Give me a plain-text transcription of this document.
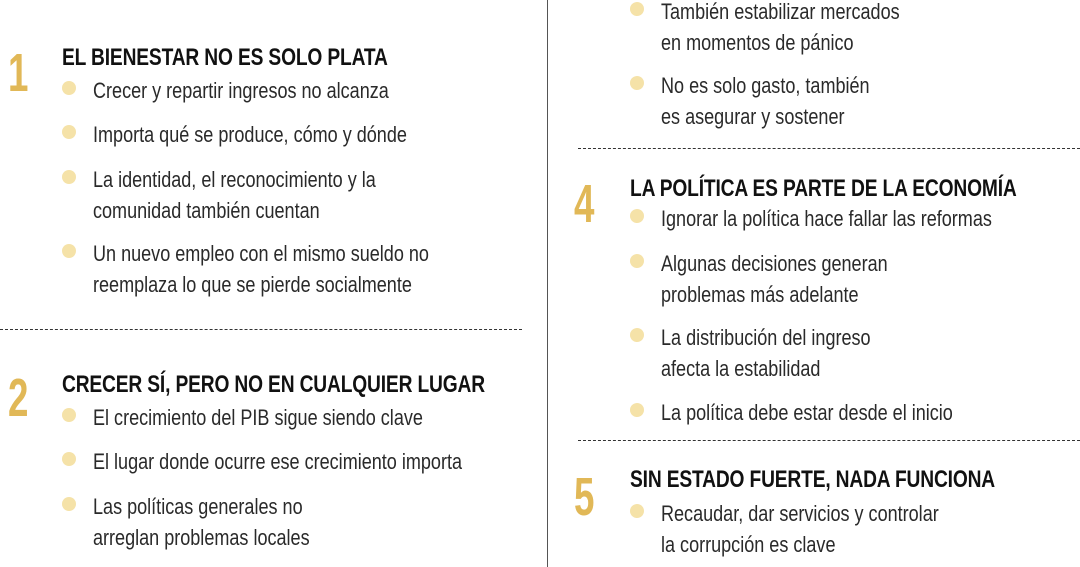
1 EL BIENESTAR NO ES SOLO PLATA
Crecer y repartir ingresos no alcanza
Importa qué se produce, cómo y dónde
La identidad, el reconocimiento y la
comunidad también cuentan
Un nuevo empleo con el mismo sueldo no
reemplaza lo que se pierde socialmente
2 CRECER SÍ, PERO NO EN CUALQUIER LUGAR
El crecimiento del PIB sigue siendo clave
El lugar donde ocurre ese crecimiento importa
Las políticas generales no
arreglan problemas locales
También estabilizar mercados
en momentos de pánico
No es solo gasto, también
es asegurar y sostener
4 LA POLÍTICA ES PARTE DE LA ECONOMÍA
Ignorar la política hace fallar las reformas
Algunas decisiones generan
problemas más adelante
La distribución del ingreso
afecta la estabilidad
La política debe estar desde el inicio
5 SIN ESTADO FUERTE, NADA FUNCIONA
Recaudar, dar servicios y controlar
la corrupción es clave
